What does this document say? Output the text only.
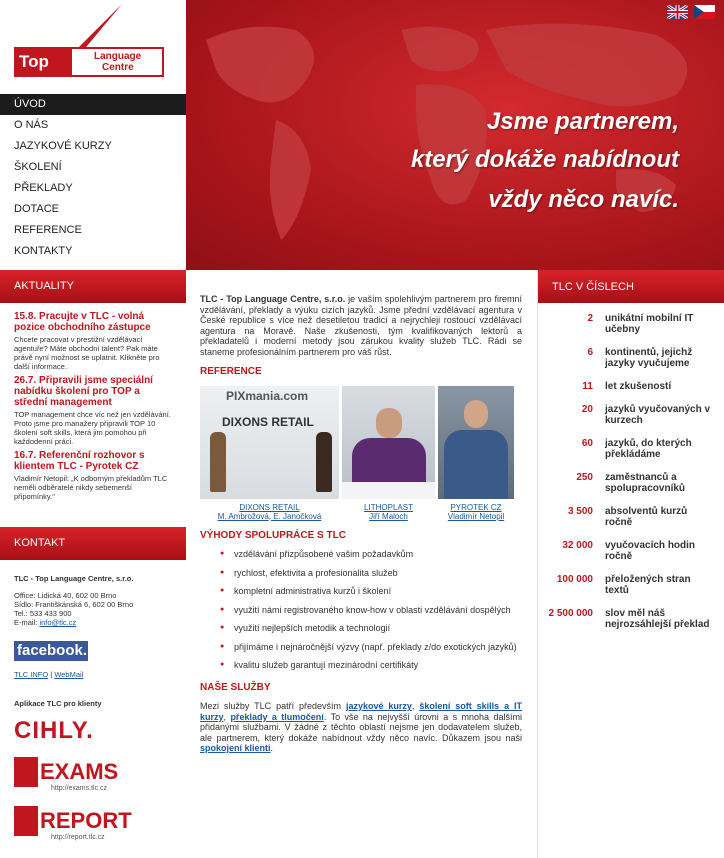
Top	Language
Centre
ÚVOD
O NÁS
JAZYKOVÉ KURZY
ŠKOLENÍ
PŘEKLADY
DOTACE
REFERENCE
KONTAKTY
Jsme partnerem,
který dokáže nabídnout
vždy něco navíc.
AKTUALITY
15.8. Pracujte v TLC - volná pozice obchodního zástupce
Chcete pracovat v prestižní vzdělávací agentuře? Máte obchodní talent? Pak máte právě nyní možnost se uplatnit. Klikněte pro další informace.
26.7. Připravili jsme speciální nabídku školení pro TOP a střední management
TOP management chce víc než jen vzdělávání. Proto jsme pro manažery připravili TOP 10 školení soft skills, která jim pomohou při každodenní práci.
16.7. Referenční rozhovor s klientem TLC - Pyrotek CZ
Vladimír Netopil: „K odborným překladům TLC neměli odběratelé nikdy sebemenší připomínky."
KONTAKT
TLC - Top Language Centre, s.r.o.
Office: Lidická 40, 602 00 Brno
Sídlo: Františkánská 6, 602 00 Brno
Tel.: 533 433 900
E-mail: info@tlc.cz
facebook.
TLC INFO | WebMail
Aplikace TLC pro klienty
CIHLY.
EXAMS
http://exams.tlc.cz
REPORT
http://report.tlc.cz

TLC - Top Language Centre, s.r.o. je vaším spolehlivým partnerem pro firemní vzdělávání, překlady a výuku cizích jazyků. Jsme přední vzdělávací agentura v České republice s více než desetiletou tradicí a nejrychleji rostoucí vzdělávací agentura na Moravě. Naše zkušenosti, tým kvalifikovaných lektorů a překladatelů i moderní metody jsou zárukou kvality služeb TLC. Rádi se staneme profesionálním partnerem pro váš růst.

REFERENCE
PIXmania.com
DIXONS RETAIL
DIXONS RETAIL
M. Ambrožová, E. Janočková
LITHOPLAST
Jiří Maloch
PYROTEK CZ
Vladimír Netopil
VÝHODY SPOLUPRÁCE S TLC
● vzdělávání přizpůsobené vašim požadavkům
● rychlost, efektivita a profesionalita služeb
● kompletní administrativa kurzů i školení
● využití námi registrovaného know-how v oblasti vzdělávání dospělých
● využití nejlepších metodik a technologií
● přijímáme i nejnáročnější výzvy (např. překlady z/do exotických jazyků)
● kvalitu služeb garantují mezinárodní certifikáty
NAŠE SLUŽBY

Mezi služby TLC patří především jazykové kurzy, školení soft skills a IT kurzy, překlady a tlumočení. To vše na nejvyšší úrovni a s mnoha dalšími přidanými službami. V žádné z těchto oblastí nejsme jen dodavatelem služeb, ale partnerem, který dokáže nabídnout vždy něco navíc. Důkazem jsou naši spokojení klienti.

TLC V ČÍSLECH
2	unikátní mobilní IT učebny
6	kontinentů, jejichž jazyky vyučujeme
11	let zkušeností
20	jazyků vyučovaných v kurzech
60	jazyků, do kterých překládáme
250	zaměstnanců a spolupracovníků
3 500	absolventů kurzů ročně
32 000	vyučovacích hodin ročně
100 000	přeložených stran textů
2 500 000	slov měl náš nejrozsáhlejší překlad
